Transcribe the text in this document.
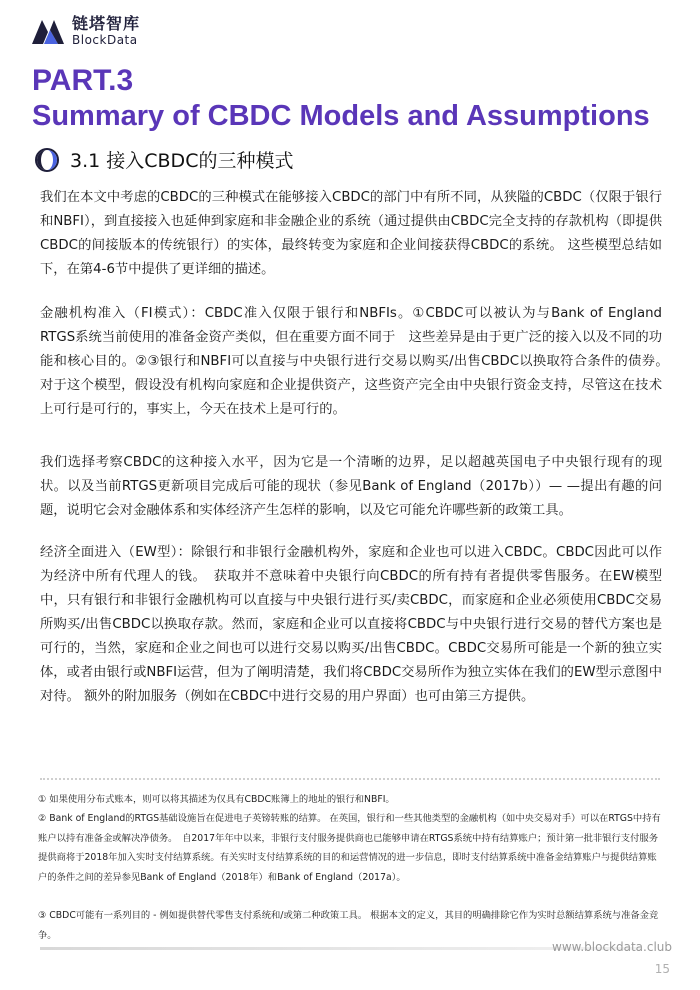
链塔智库
BlockData
PART.3
Summary of CBDC Models and Assumptions
3.1 接入CBDC的三种模式
我们在本文中考虑的CBDC的三种模式在能够接入CBDC的部门中有所不同，从狭隘的CBDC（仅限于银行和NBFI），到直接接入也延伸到家庭和非金融企业的系统（通过提供由CBDC完全支持的存款机构（即提供CBDC的间接版本的传统银行）的实体，最终转变为家庭和企业间接获得CBDC的系统。 这些模型总结如下，在第4-6节中提供了更详细的描述。
金融机构准入（FI模式）：CBDC准入仅限于银行和NBFIs。①CBDC可以被认为与Bank of England RTGS系统当前使用的准备金资产类似，但在重要方面不同于　这些差异是由于更广泛的接入以及不同的功能和核心目的。②③银行和NBFI可以直接与中央银行进行交易以购买/出售CBDC以换取符合条件的债券。　对于这个模型，假设没有机构向家庭和企业提供资产，这些资产完全由中央银行资金支持，尽管这在技术上可行是可行的，事实上，今天在技术上是可行的。
我们选择考察CBDC的这种接入水平，因为它是一个清晰的边界，足以超越英国电子中央银行现有的现状。以及当前RTGS更新项目完成后可能的现状（参见Bank of England（2017b））— —提出有趣的问题，说明它会对金融体系和实体经济产生怎样的影响，以及它可能允许哪些新的政策工具。
经济全面进入（EW型）：除银行和非银行金融机构外，家庭和企业也可以进入CBDC。CBDC因此可以作为经济中所有代理人的钱。　获取并不意味着中央银行向CBDC的所有持有者提供零售服务。在EW模型中，只有银行和非银行金融机构可以直接与中央银行进行买/卖CBDC，而家庭和企业必须使用CBDC交易所购买/出售CBDC以换取存款。然而，家庭和企业可以直接将CBDC与中央银行进行交易的替代方案也是可行的，当然，家庭和企业之间也可以进行交易以购买/出售CBDC。CBDC交易所可能是一个新的独立实体，或者由银行或NBFI运营，但为了阐明清楚，我们将CBDC交易所作为独立实体在我们的EW型示意图中对待。 额外的附加服务（例如在CBDC中进行交易的用户界面）也可由第三方提供。
① 如果使用分布式账本，则可以将其描述为仅具有CBDC账簿上的地址的银行和NBFI。
② Bank of England的RTGS基础设施旨在促进电子英镑转账的结算。 在英国，银行和一些其他类型的金融机构（如中央交易对手）可以在RTGS中持有账户以持有准备金或解决净债务。　自2017年年中以来，非银行支付服务提供商也已能够申请在RTGS系统中持有结算账户；预计第一批非银行支付服务提供商将于2018年加入实时支付结算系统。有关实时支付结算系统的目的和运营情况的进一步信息，即时支付结算系统中准备金结算账户与提供结算账户的条件之间的差异参见Bank of England（2018年）和Bank of England（2017a）。
③ CBDC可能有一系列目的 - 例如提供替代零售支付系统和/或第二种政策工具。 根据本文的定义，其目的明确排除它作为实时总额结算系统与准备金竞争。
www.blockdata.club
15
